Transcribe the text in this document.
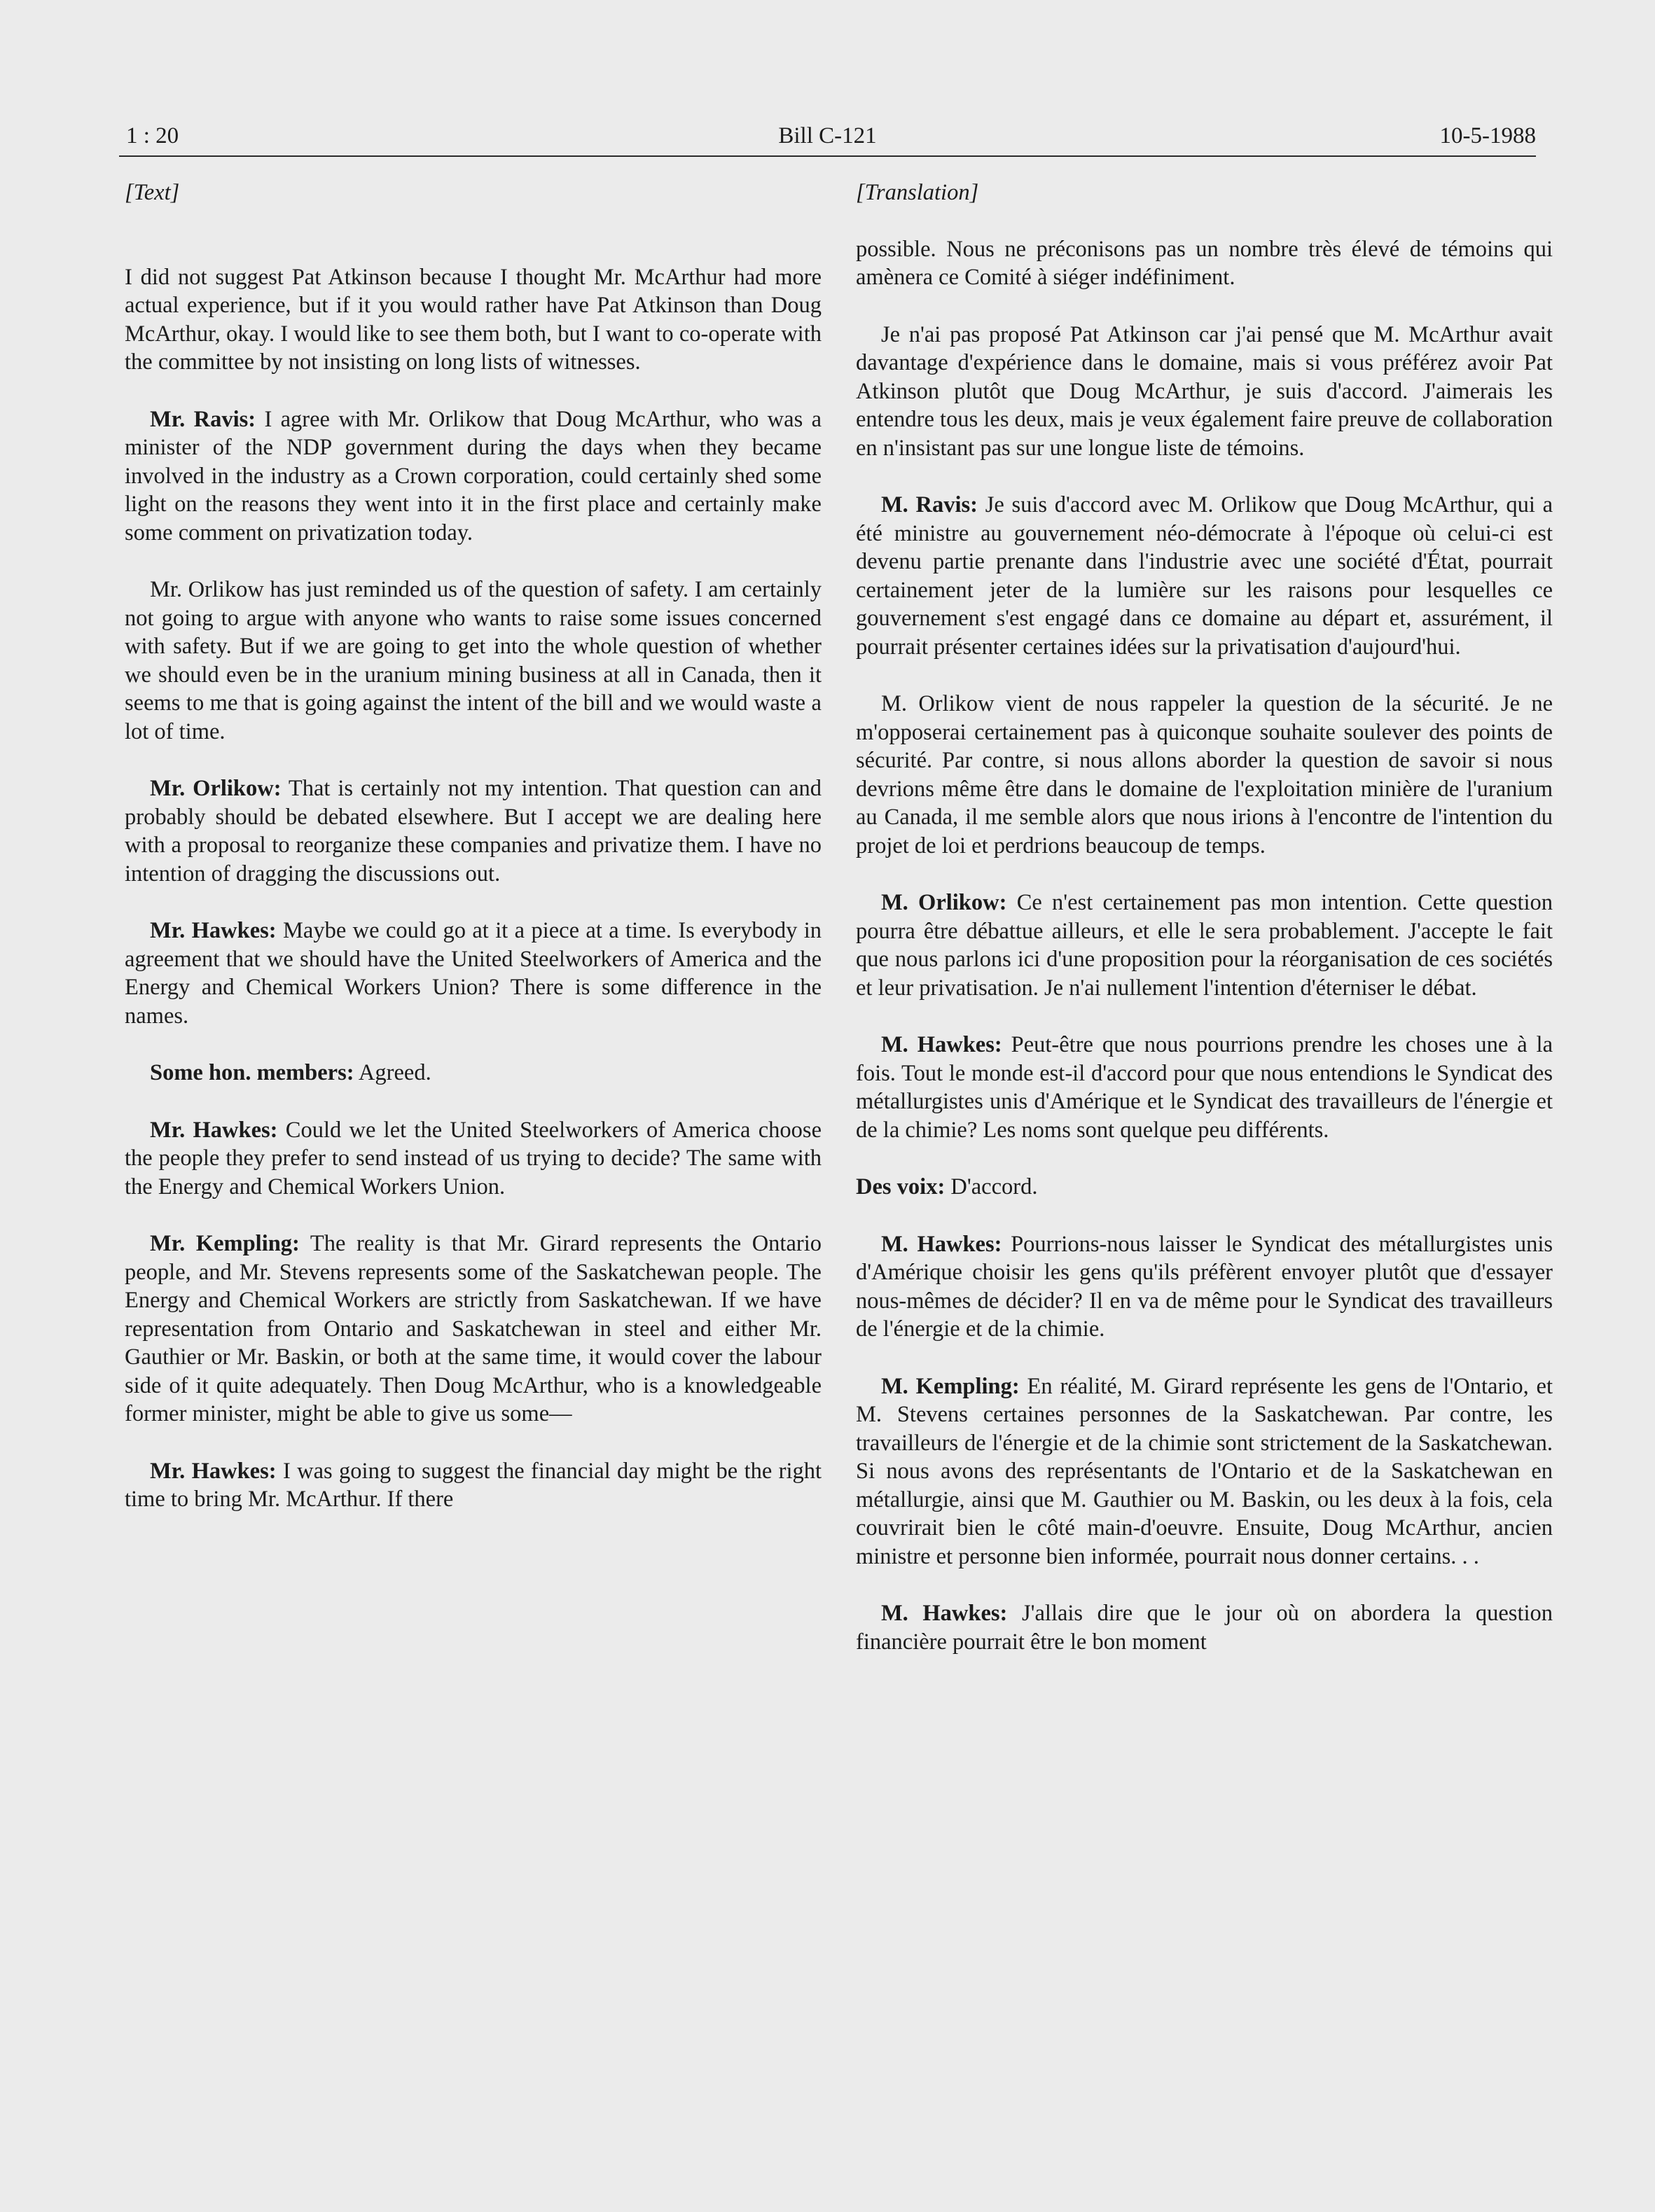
1 : 20	Bill C-121	10-5-1988
[Text]

I did not suggest Pat Atkinson because I thought Mr. McArthur had more actual experience, but if it you would rather have Pat Atkinson than Doug McArthur, okay. I would like to see them both, but I want to co-operate with the committee by not insisting on long lists of witnesses.

Mr. Ravis: I agree with Mr. Orlikow that Doug McArthur, who was a minister of the NDP government during the days when they became involved in the industry as a Crown corporation, could certainly shed some light on the reasons they went into it in the first place and certainly make some comment on privatization today.

Mr. Orlikow has just reminded us of the question of safety. I am certainly not going to argue with anyone who wants to raise some issues concerned with safety. But if we are going to get into the whole question of whether we should even be in the uranium mining business at all in Canada, then it seems to me that is going against the intent of the bill and we would waste a lot of time.

Mr. Orlikow: That is certainly not my intention. That question can and probably should be debated elsewhere. But I accept we are dealing here with a proposal to reorganize these companies and privatize them. I have no intention of dragging the discussions out.

Mr. Hawkes: Maybe we could go at it a piece at a time. Is everybody in agreement that we should have the United Steelworkers of America and the Energy and Chemical Workers Union? There is some difference in the names.

Some hon. members: Agreed.

Mr. Hawkes: Could we let the United Steelworkers of America choose the people they prefer to send instead of us trying to decide? The same with the Energy and Chemical Workers Union.

Mr. Kempling: The reality is that Mr. Girard represents the Ontario people, and Mr. Stevens represents some of the Saskatchewan people. The Energy and Chemical Workers are strictly from Saskatchewan. If we have representation from Ontario and Saskatchewan in steel and either Mr. Gauthier or Mr. Baskin, or both at the same time, it would cover the labour side of it quite adequately. Then Doug McArthur, who is a knowledgeable former minister, might be able to give us some—

Mr. Hawkes: I was going to suggest the financial day might be the right time to bring Mr. McArthur. If there

[Translation]

possible. Nous ne préconisons pas un nombre très élevé de témoins qui amènera ce Comité à siéger indéfiniment.

Je n'ai pas proposé Pat Atkinson car j'ai pensé que M. McArthur avait davantage d'expérience dans le domaine, mais si vous préférez avoir Pat Atkinson plutôt que Doug McArthur, je suis d'accord. J'aimerais les entendre tous les deux, mais je veux également faire preuve de collaboration en n'insistant pas sur une longue liste de témoins.

M. Ravis: Je suis d'accord avec M. Orlikow que Doug McArthur, qui a été ministre au gouvernement néo-démocrate à l'époque où celui-ci est devenu partie prenante dans l'industrie avec une société d'État, pourrait certainement jeter de la lumière sur les raisons pour lesquelles ce gouvernement s'est engagé dans ce domaine au départ et, assurément, il pourrait présenter certaines idées sur la privatisation d'aujourd'hui.

M. Orlikow vient de nous rappeler la question de la sécurité. Je ne m'opposerai certainement pas à quiconque souhaite soulever des points de sécurité. Par contre, si nous allons aborder la question de savoir si nous devrions même être dans le domaine de l'exploitation minière de l'uranium au Canada, il me semble alors que nous irions à l'encontre de l'intention du projet de loi et perdrions beaucoup de temps.

M. Orlikow: Ce n'est certainement pas mon intention. Cette question pourra être débattue ailleurs, et elle le sera probablement. J'accepte le fait que nous parlons ici d'une proposition pour la réorganisation de ces sociétés et leur privatisation. Je n'ai nullement l'intention d'éterniser le débat.

M. Hawkes: Peut-être que nous pourrions prendre les choses une à la fois. Tout le monde est-il d'accord pour que nous entendions le Syndicat des métallurgistes unis d'Amérique et le Syndicat des travailleurs de l'énergie et de la chimie? Les noms sont quelque peu différents.

Des voix: D'accord.

M. Hawkes: Pourrions-nous laisser le Syndicat des métallurgistes unis d'Amérique choisir les gens qu'ils préfèrent envoyer plutôt que d'essayer nous-mêmes de décider? Il en va de même pour le Syndicat des travailleurs de l'énergie et de la chimie.

M. Kempling: En réalité, M. Girard représente les gens de l'Ontario, et M. Stevens certaines personnes de la Saskatchewan. Par contre, les travailleurs de l'énergie et de la chimie sont strictement de la Saskatchewan. Si nous avons des représentants de l'Ontario et de la Saskatchewan en métallurgie, ainsi que M. Gauthier ou M. Baskin, ou les deux à la fois, cela couvrirait bien le côté main-d'oeuvre. Ensuite, Doug McArthur, ancien ministre et personne bien informée, pourrait nous donner certains. . .

M. Hawkes: J'allais dire que le jour où on abordera la question financière pourrait être le bon moment
